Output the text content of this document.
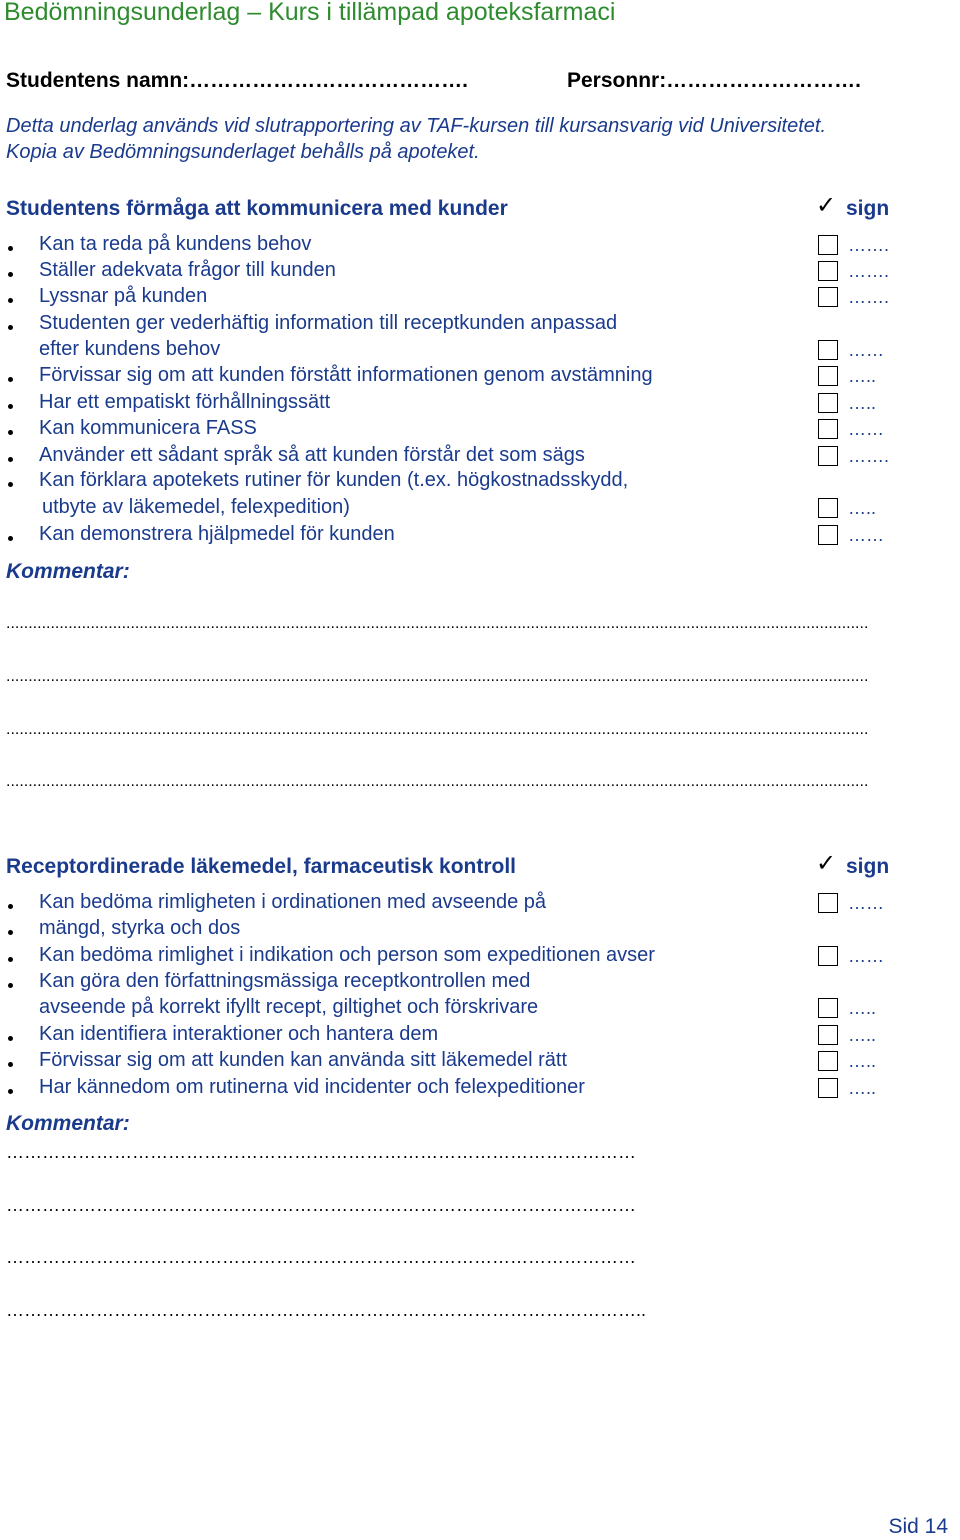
Bedömningsunderlag – Kurs i tillämpad apoteksfarmaci
Studentens namn:………………………………….	Personnr:……………………….
Detta underlag används vid slutrapportering av TAF-kursen till kursansvarig vid Universitetet.
Kopia av Bedömningsunderlaget behålls på apoteket.
Studentens förmåga att kommunicera med kunder	✓ sign
Kan ta reda på kundens behov	…….
Ställer adekvata frågor till kunden	…….
Lyssnar på kunden	…….
Studenten ger vederhäftig information till receptkunden anpassad
efter kundens behov	……
Förvissar sig om att kunden förstått informationen genom avstämning	…..
Har ett empatiskt förhållningssätt	…..
Kan kommunicera FASS	……
Använder ett sådant språk så att kunden förstår det som sägs	…….
Kan förklara apotekets rutiner för kunden (t.ex. högkostnadsskydd,
utbyte av läkemedel, felexpedition)	…..
Kan demonstrera hjälpmedel för kunden	……
Kommentar:
..................................................................................................................................................................................................
..................................................................................................................................................................................................
..................................................................................................................................................................................................
..................................................................................................................................................................................................
Receptordinerade läkemedel, farmaceutisk kontroll	✓ sign
Kan bedöma rimligheten i ordinationen med avseende på	……
mängd, styrka och dos
Kan bedöma rimlighet i indikation och person som expeditionen avser	……
Kan göra den författningsmässiga receptkontrollen med
avseende på korrekt ifyllt recept, giltighet och förskrivare	…..
Kan identifiera interaktioner och hantera dem	…..
Förvissar sig om att kunden kan använda sitt läkemedel rätt	…..
Har kännedom om rutinerna vid incidenter och felexpeditioner	…..
Kommentar:
……………………………………………………………………………………………
……………………………………………………………………………………………
……………………………………………………………………………………………
……………………………………………………………………………………………..
Sid 14
